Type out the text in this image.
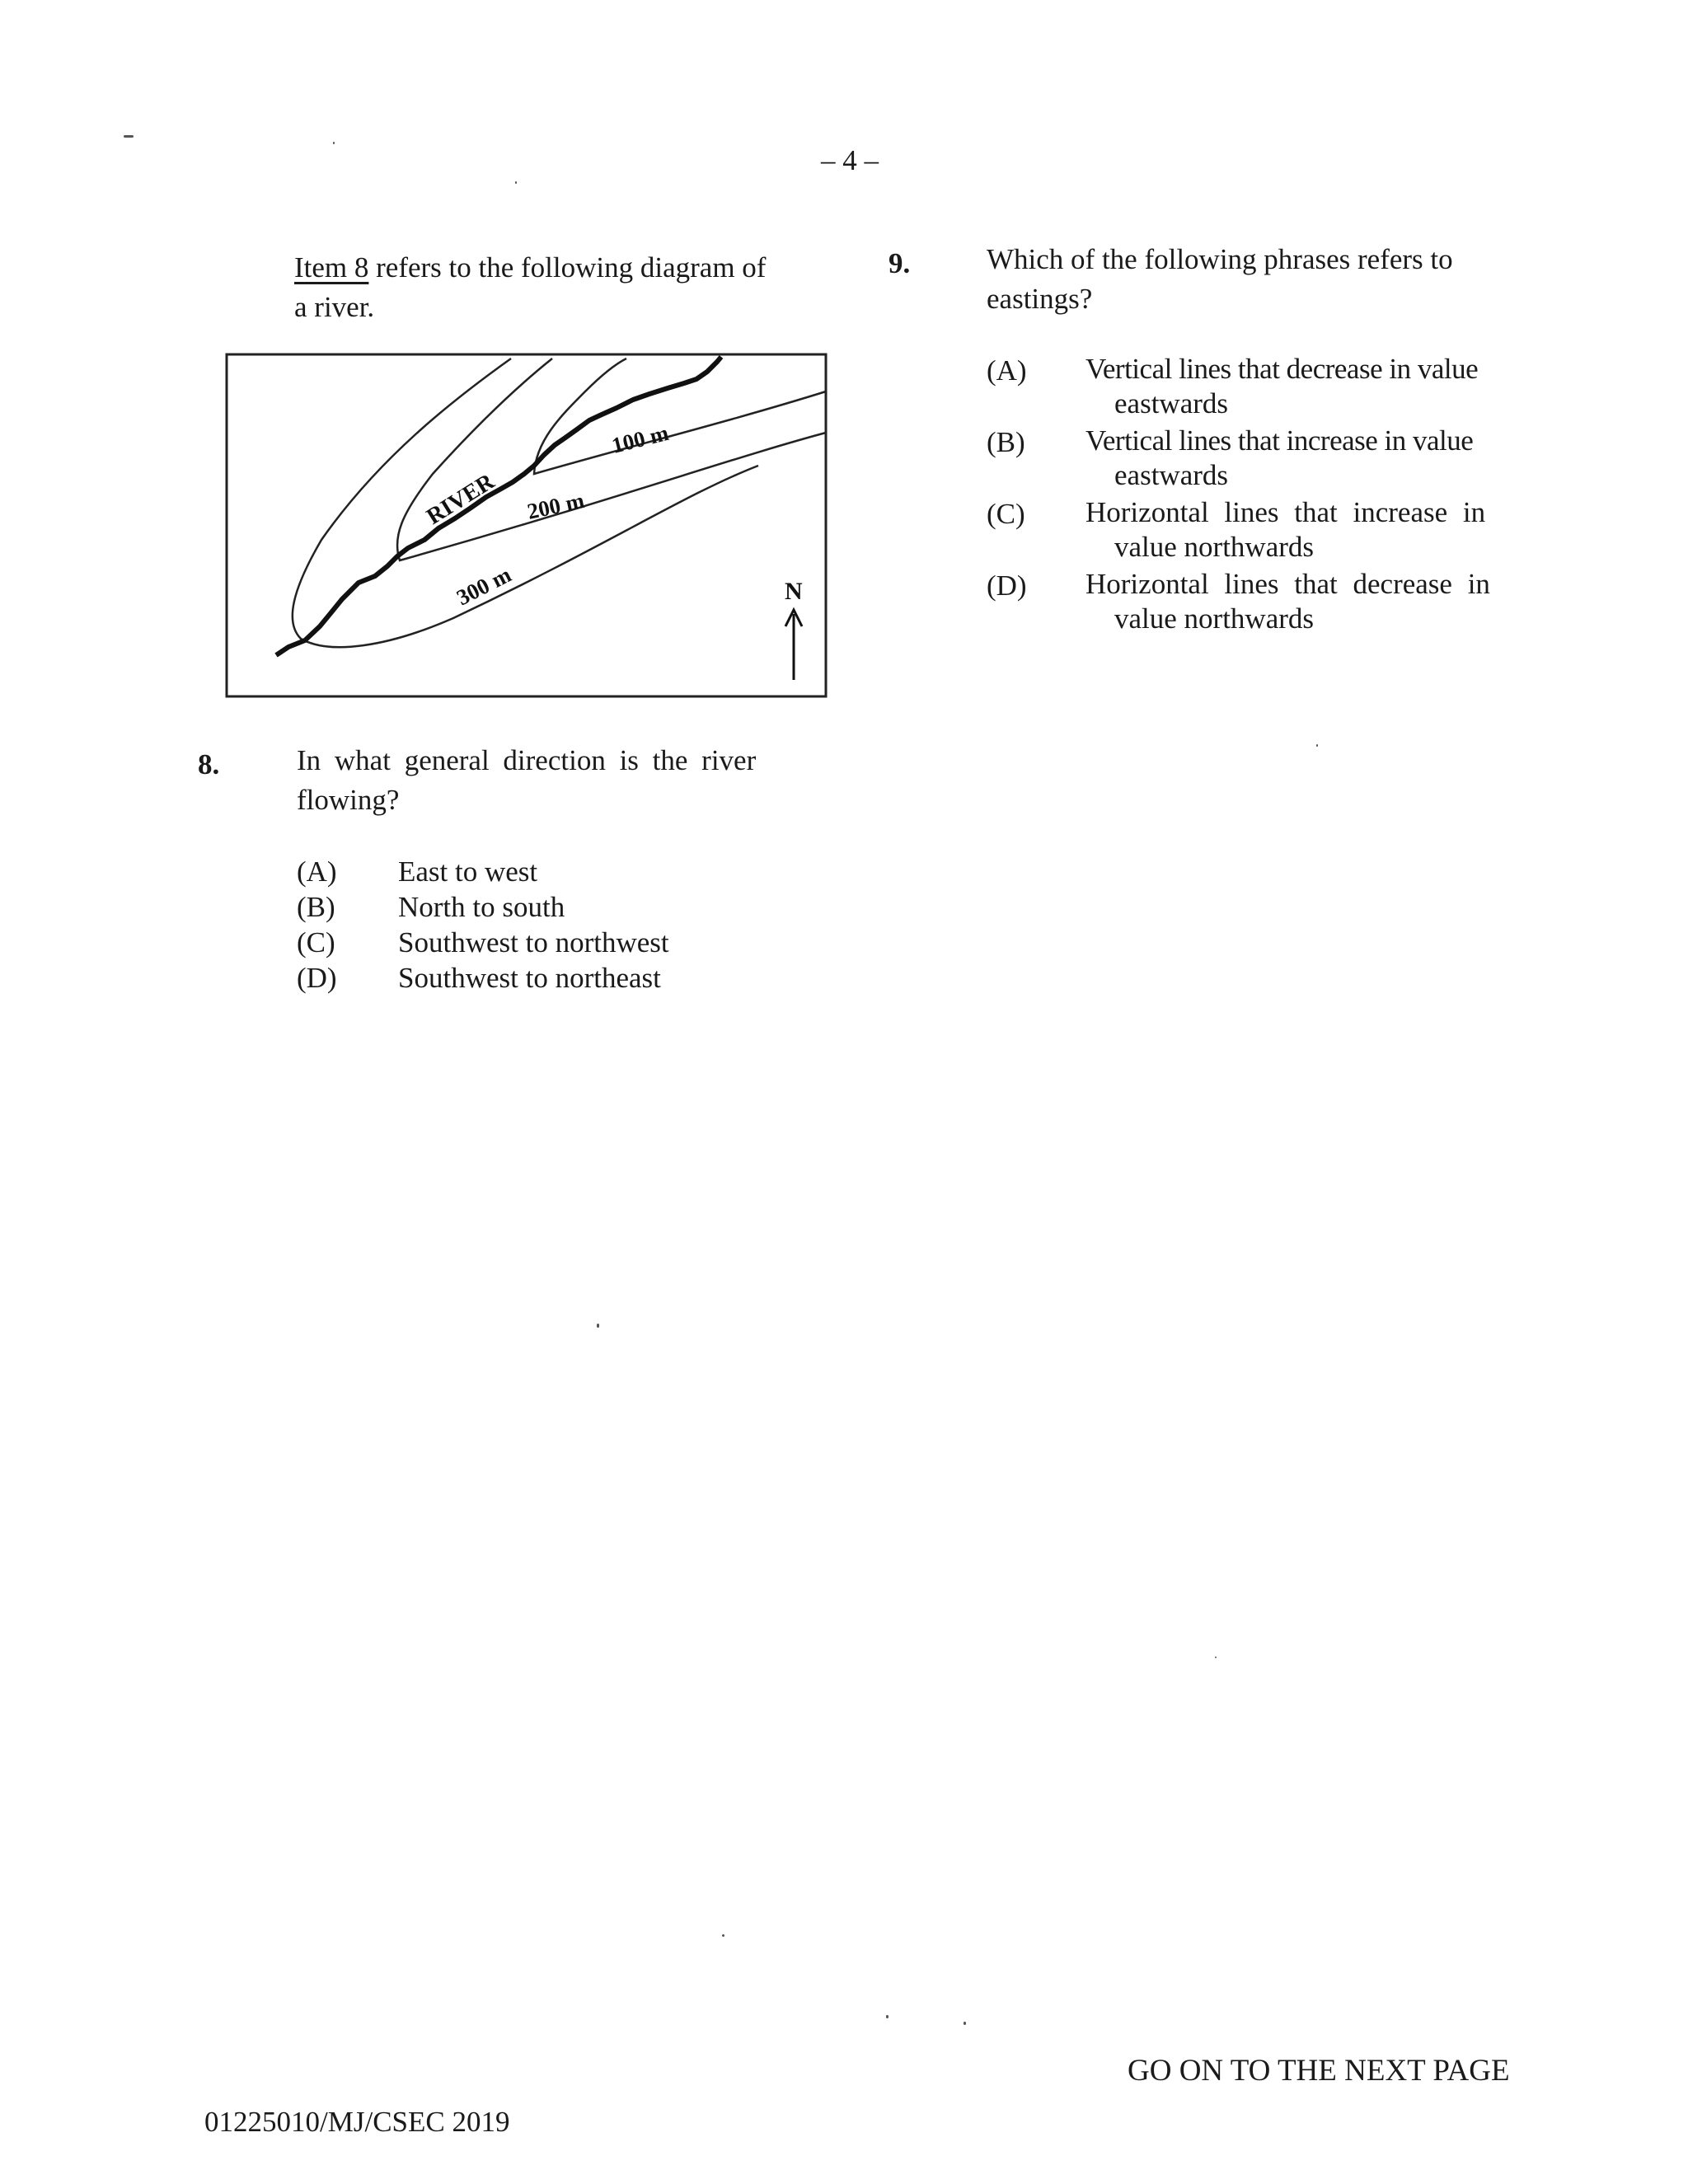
– 4 –
Item 8 refers to the following diagram of
a river.
RIVER
100 m
200 m
300 m	N
8.	In what general direction is the river
flowing?
(A) East to west
(B) North to south
(C) Southwest to northwest
(D) Southwest to northeast
9.	Which of the following phrases refers to
eastings?
(A) Vertical lines that decrease in value
eastwards
(B) Vertical lines that increase in value
eastwards
(C) Horizontal lines that increase in
value northwards
(D) Horizontal lines that decrease in
value northwards
GO ON TO THE NEXT PAGE
01225010/MJ/CSEC 2019
